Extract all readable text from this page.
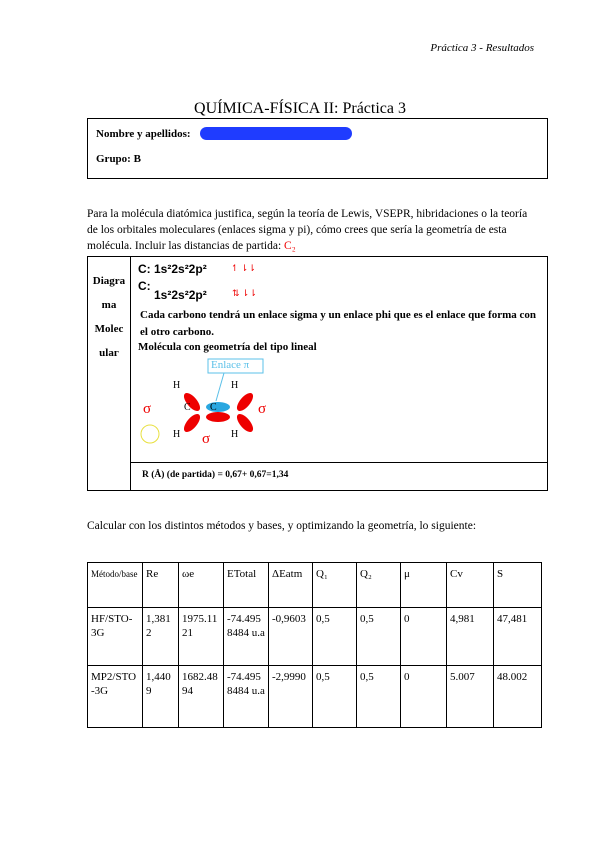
Práctica 3 - Resultados
QUÍMICA-FÍSICA II: Práctica 3
Nombre y apellidos:
Grupo: B
Para la molécula diatómica justifica, según la teoría de Lewis, VSEPR, hibridaciones o la teoría de los orbitales moleculares (enlaces sigma y pi), cómo crees que sería la geometría de esta molécula. Incluir las distancias de partida: C₂
Diagra
ma
Molec
ulaᴦ
C: 1s²2s²2p²	↿ ⇂⇂
C:
1s²2s²2p²	⇅ ⇂⇂
Cada carbono tendrá un enlace sigma y un enlace phi que es el enlace que forma con el otro carbono.
Molécula con geometría del tipo lineal
Enlace π
C C
H	H
H	H
σ	σ
σ
R (Å) (de partida) = 0,67+ 0,67=1,34
Calcular con los distintos métodos y bases, y optimizando la geometría, lo siguiente:
Método/base	Re	ωe	ETotal	ΔEatm	Q₁	Q₂	μ	Cv	S
HF/STO-3G	1,3812	1975.1121	-74.4958484 u.a	-0,9603	0,5	0,5	0	4,981	47,481
MP2/STO-3G	1,4409	1682.4894	-74.4958484 u.a	-2,9990	0,5	0,5	0	5.007	48.002
